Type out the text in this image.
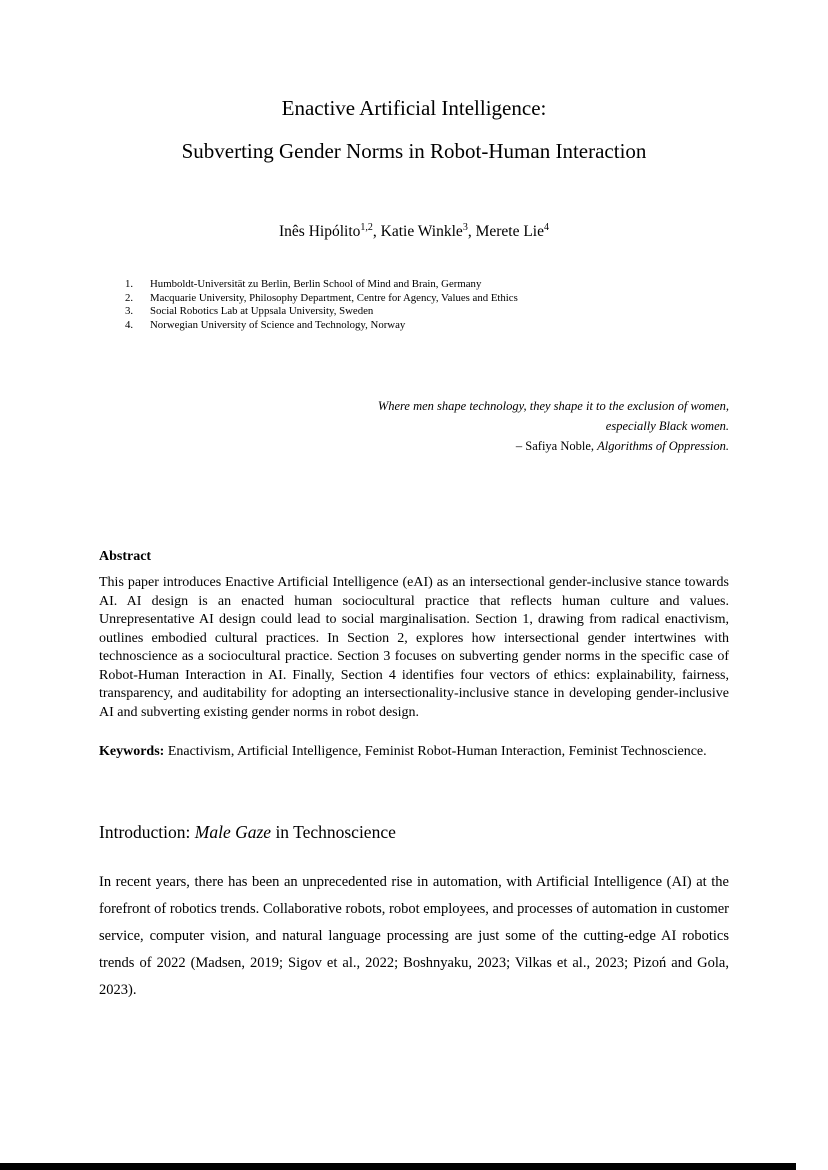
Enactive Artificial Intelligence:
Subverting Gender Norms in Robot-Human Interaction
Inês Hipólito$^{1,2}$, Katie Winkle$^3$, Merete Lie$^4$
1.	Humboldt-Universität zu Berlin, Berlin School of Mind and Brain, Germany
2.	Macquarie University, Philosophy Department, Centre for Agency, Values and Ethics
3.	Social Robotics Lab at Uppsala University, Sweden
4.	Norwegian University of Science and Technology, Norway
Where men shape technology, they shape it to the exclusion of women,
especially Black women.
– Safiya Noble, Algorithms of Oppression.
Abstract
This paper introduces Enactive Artificial Intelligence (eAI) as an intersectional gender-inclusive stance towards AI. AI design is an enacted human sociocultural practice that reflects human culture and values. Unrepresentative AI design could lead to social marginalisation. Section 1, drawing from radical enactivism, outlines embodied cultural practices. In Section 2, explores how intersectional gender intertwines with technoscience as a sociocultural practice. Section 3 focuses on subverting gender norms in the specific case of Robot-Human Interaction in AI. Finally, Section 4 identifies four vectors of ethics: explainability, fairness, transparency, and auditability for adopting an intersectionality-inclusive stance in developing gender-inclusive AI and subverting existing gender norms in robot design.
Keywords: Enactivism, Artificial Intelligence, Feminist Robot-Human Interaction, Feminist Technoscience.
Introduction: Male Gaze in Technoscience
In recent years, there has been an unprecedented rise in automation, with Artificial Intelligence (AI) at the forefront of robotics trends. Collaborative robots, robot employees, and processes of automation in customer service, computer vision, and natural language processing are just some of the cutting-edge AI robotics trends of 2022 (Madsen, 2019; Sigov et al., 2022; Boshnyaku, 2023; Vilkas et al., 2023; Pizoń and Gola, 2023).
